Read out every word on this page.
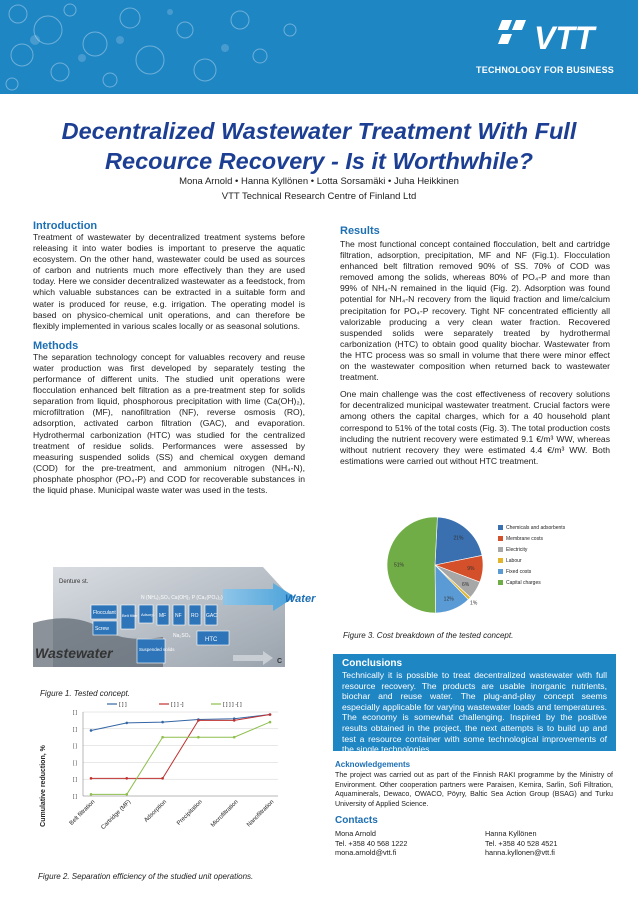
VTT
TECHNOLOGY FOR BUSINESS
Decentralized Wastewater Treatment With Full
Recource Recovery - Is it Worthwhile?
Mona Arnold • Hanna Kyllönen • Lotta Sorsamäki • Juha Heikkinen
VTT Technical Research Centre of Finland Ltd
Introduction

Treatment of wastewater by decentralized treatment systems before releasing it into water bodies is important to preserve the aquatic ecosystem. On the other hand, wastewater could be used as sources of carbon and nutrients much more effectively than they are used today. Here we consider decentralized wastewater as a feedstock, from which valuable substances can be extracted in a suitable form and water is produced for reuse, e.g. irrigation. The operating model is based on physico-chemical unit operations, and can therefore be flexibly implemented in various scales locally or as seasonal solutions.

Methods

The separation technology concept for valuables recovery and reuse water production was first developed by separately testing the performance of different units. The studied unit operations were flocculation enhanced belt filtration as a pre-treatment step for solids separation from liquid, phosphorous precipitation with lime (Ca(OH)₂), microfiltration (MF), nanofiltration (NF), reverse osmosis (RO), adsorption, activated carbon filtration (GAC), and evaporation. Hydrothermal carbonization (HTC) was studied for the centralized treatment of residue solids. Performances were assessed by measuring suspended solids (SS) and chemical oxygen demand (COD) for the pre-treatment, and ammonium nitrogen (NH₄-N), phosphate phosphor (PO₄-P) and COD for recoverable substances in the liquid phase. Municipal waste water was used in the tests.

Wastewater
Water
Denture st.
Flocculant
Screw
Belt filter
N (NH₄)₂SO₄ Ca(OH)₂ P (Ca₃(PO₄)₂)
Adsorp. MF NF RO GAC
Na₂SO₄
HTC
Suspended solids
C
Figure 1. Tested concept.
Cumulative reduction, %
[ ] ]	[ ] ] -]	[ ] ] ] -[ ]
[ ]
[ ]
[ ]
[ ]
[ ]
[ ]
Belt filtration Cartridge (MF) Adsorption Precipitation Microfiltration Nanofiltration
Figure 2. Separation efficiency of the studied unit operations.
Results

The most functional concept contained flocculation, belt and cartridge filtration, adsorption, precipitation, MF and NF (Fig.1). Flocculation enhanced belt filtration removed 90% of SS. 70% of COD was removed among the solids, whereas 80% of PO₄-P and more than 99% of NH₄-N remained in the liquid (Fig. 2). Adsorption was found potential for NH₄-N recovery from the liquid fraction and lime/calcium precipitation for PO₄-P recovery. Tight NF concentrated efficiently all valorizable producing a very clean water fraction. Recovered suspended solids were separately treated by hydrothermal carbonization (HTC) to obtain good quality biochar. Wastewater from the HTC process was so small in volume that there were minor effect on the wastewater composition when returned back to wastewater treatment.

One main challenge was the cost effectiveness of recovery solutions for decentralized municipal wastewater treatment. Crucial factors were among others the capital charges, which for a 40 household plant correspond to 51% of the total costs (Fig. 3). The total production costs including the nutrient recovery were estimated 9.1 €/m³ WW, whereas without nutrient recovery they were estimated 4.4 €/m³ WW. Both estimations were carried out without HTC treatment.

21%
9%
6%
1%
12%
51%
Chemicals and adsorbents
Membrane costs
Electricity
Labour
Fixed costs
Capital charges
Figure 3. Cost breakdown of the tested concept.
Conclusions

Technically it is possible to treat decentralized wastewater with full resource recovery. The products are usable inorganic nutrients, biochar and reuse water. The plug-and-play concept seems especially applicable for varying wastewater loads and temperatures. The economy is somewhat challenging. Inspired by the positive results obtained in the project, the next attempts is to build up and test a resource container with some technological improvements of the single technologies.

Acknowledgements

The project was carried out as part of the Finnish RAKI programme by the Ministry of Environment. Other cooperation partners were Paraisen, Kemira, Sarlin, Sofi Filtration, Aquaminerals, Dewaco, OWACO, Pöyry, Baltic Sea Action Group (BSAG) and Turku University of Applied Science.

Contacts
Mona Arnold
Tel. +358 40 568 1222
mona.arnold@vtt.fi
Hanna Kyllönen
Tel. +358 40 528 4521
hanna.kyllonen@vtt.fi
